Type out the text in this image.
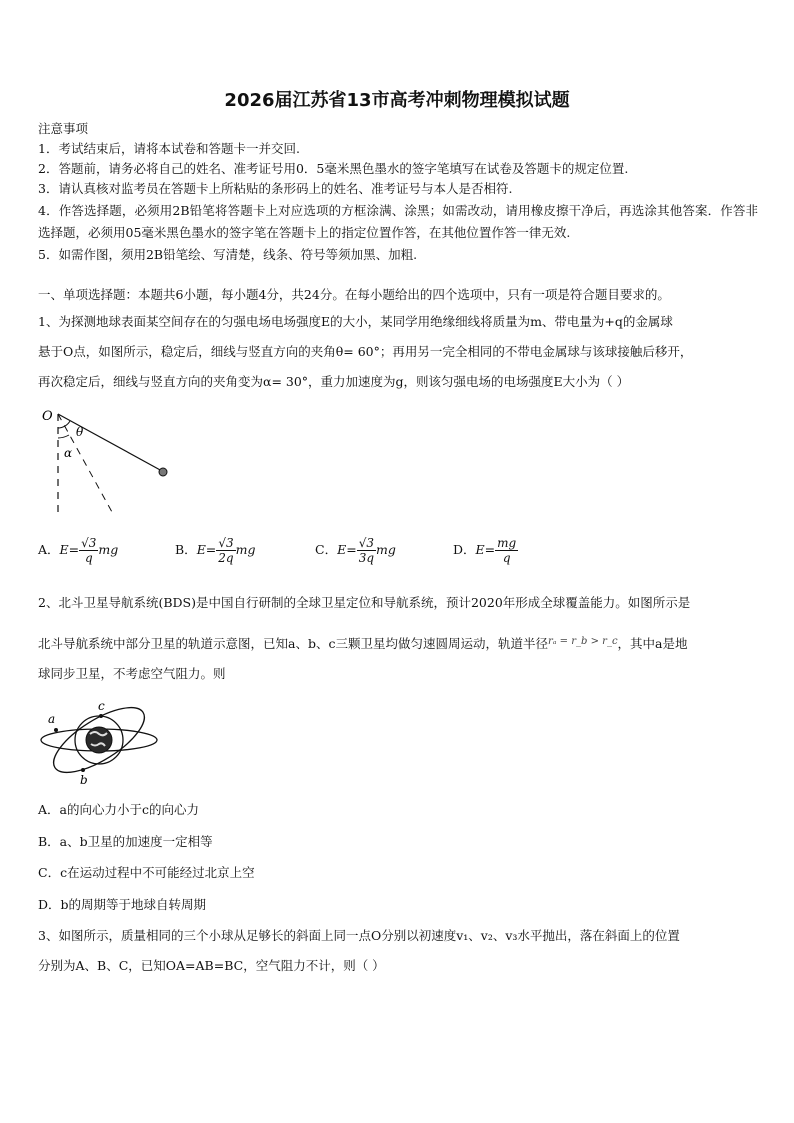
2026届江苏省13市高考冲刺物理模拟试题
注意事项
1．考试结束后，请将本试卷和答题卡一并交回.
2．答题前，请务必将自己的姓名、准考证号用0．5毫米黑色墨水的签字笔填写在试卷及答题卡的规定位置.
3．请认真核对监考员在答题卡上所粘贴的条形码上的姓名、准考证号与本人是否相符.
4．作答选择题，必须用2B铅笔将答题卡上对应选项的方框涂满、涂黑；如需改动，请用橡皮擦干净后，再选涂其他答案．作答非选择题，必须用05毫米黑色墨水的签字笔在答题卡上的指定位置作答，在其他位置作答一律无效.
5．如需作图，须用2B铅笔绘、写清楚，线条、符号等须加黑、加粗.
一、单项选择题：本题共6小题，每小题4分，共24分。在每小题给出的四个选项中，只有一项是符合题目要求的。
1、为探测地球表面某空间存在的匀强电场电场强度E的大小，某同学用绝缘细线将质量为m、带电量为+q的金属球
悬于O点，如图所示，稳定后，细线与竖直方向的夹角θ= 60°；再用另一完全相同的不带电金属球与该球接触后移开，
再次稳定后，细线与竖直方向的夹角变为α= 30°，重力加速度为g，则该匀强电场的电场强度E大小为（ ）
O
θ
α
A．$E= \frac{√3}{q}$ mg	B．$E= \frac{√3}{2q}$ mg	C．$E= \frac{√3}{3q}$ mg	D．$E= \frac{mg}{q}$
2、北斗卫星导航系统(BDS)是中国自行研制的全球卫星定位和导航系统，预计2020年形成全球覆盖能力。如图所示是
北斗导航系统中部分卫星的轨道示意图，已知a、b、c三颗卫星均做匀速圆周运动，轨道半径$^{r_a = r\_b > r\_c}$，其中a是地
球同步卫星，不考虑空气阻力。则
c
a
b
A．a的向心力小于c的向心力
B．a、b卫星的加速度一定相等
C．c在运动过程中不可能经过北京上空
D．b的周期等于地球自转周期
3、如图所示，质量相同的三个小球从足够长的斜面上同一点O分别以初速度v₁、v₂、v₃水平抛出，落在斜面上的位置
分别为A、B、C，已知OA=AB=BC，空气阻力不计，则（ ）
